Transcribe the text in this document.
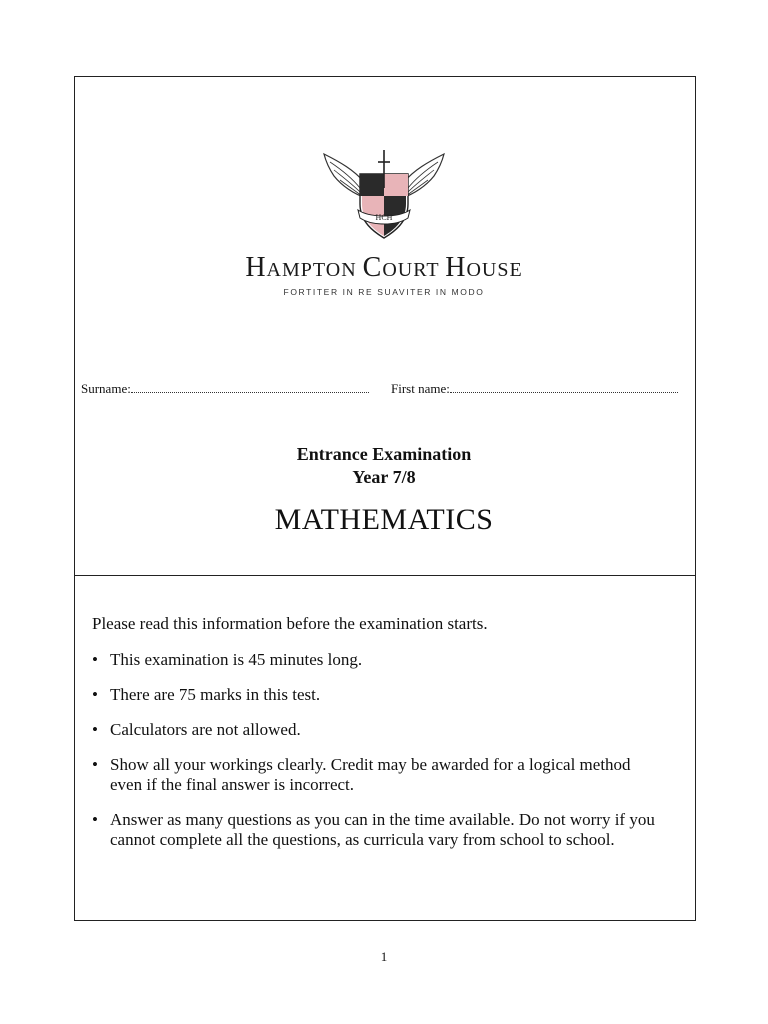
HCH
HAMPTON COURT HOUSE
FORTITER IN RE SUAVITER IN MODO
Surname:	First name:
Entrance Examination
Year 7/8
MATHEMATICS
Please read this information before the examination starts.
• This examination is 45 minutes long.
• There are 75 marks in this test.
• Calculators are not allowed.
• Show all your workings clearly. Credit may be awarded for a logical method even if the final answer is incorrect.
• Answer as many questions as you can in the time available. Do not worry if you cannot complete all the questions, as curricula vary from school to school.
1
